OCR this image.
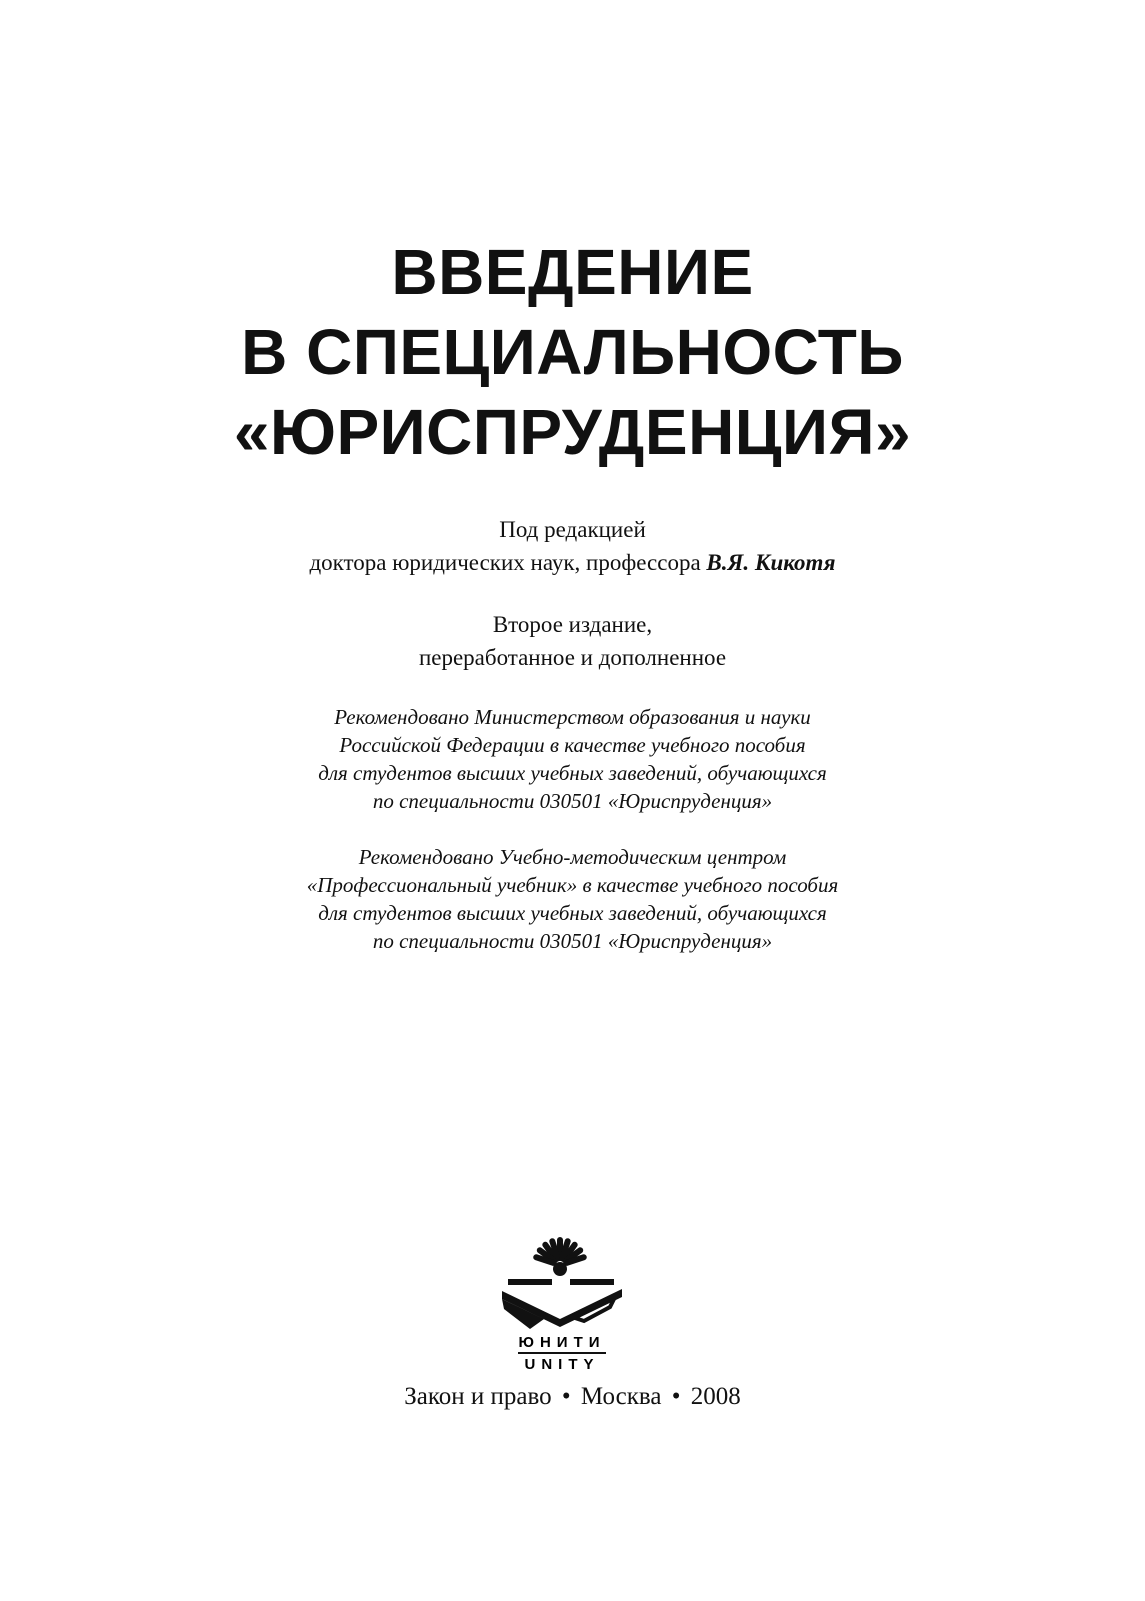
ВВЕДЕНИЕ
В СПЕЦИАЛЬНОСТЬ
«ЮРИСПРУДЕНЦИЯ»
Под редакцией
доктора юридических наук, профессора В.Я. Кикотя
Второе издание,
переработанное и дополненное
Рекомендовано Министерством образования и науки
Российской Федерации в качестве учебного пособия
для студентов высших учебных заведений, обучающихся
по специальности 030501 «Юриспруденция»
Рекомендовано Учебно-методическим центром
«Профессиональный учебник» в качестве учебного пособия
для студентов высших учебных заведений, обучающихся
по специальности 030501 «Юриспруденция»
ЮНИТИ
UNITY
Закон и право • Москва • 2008
